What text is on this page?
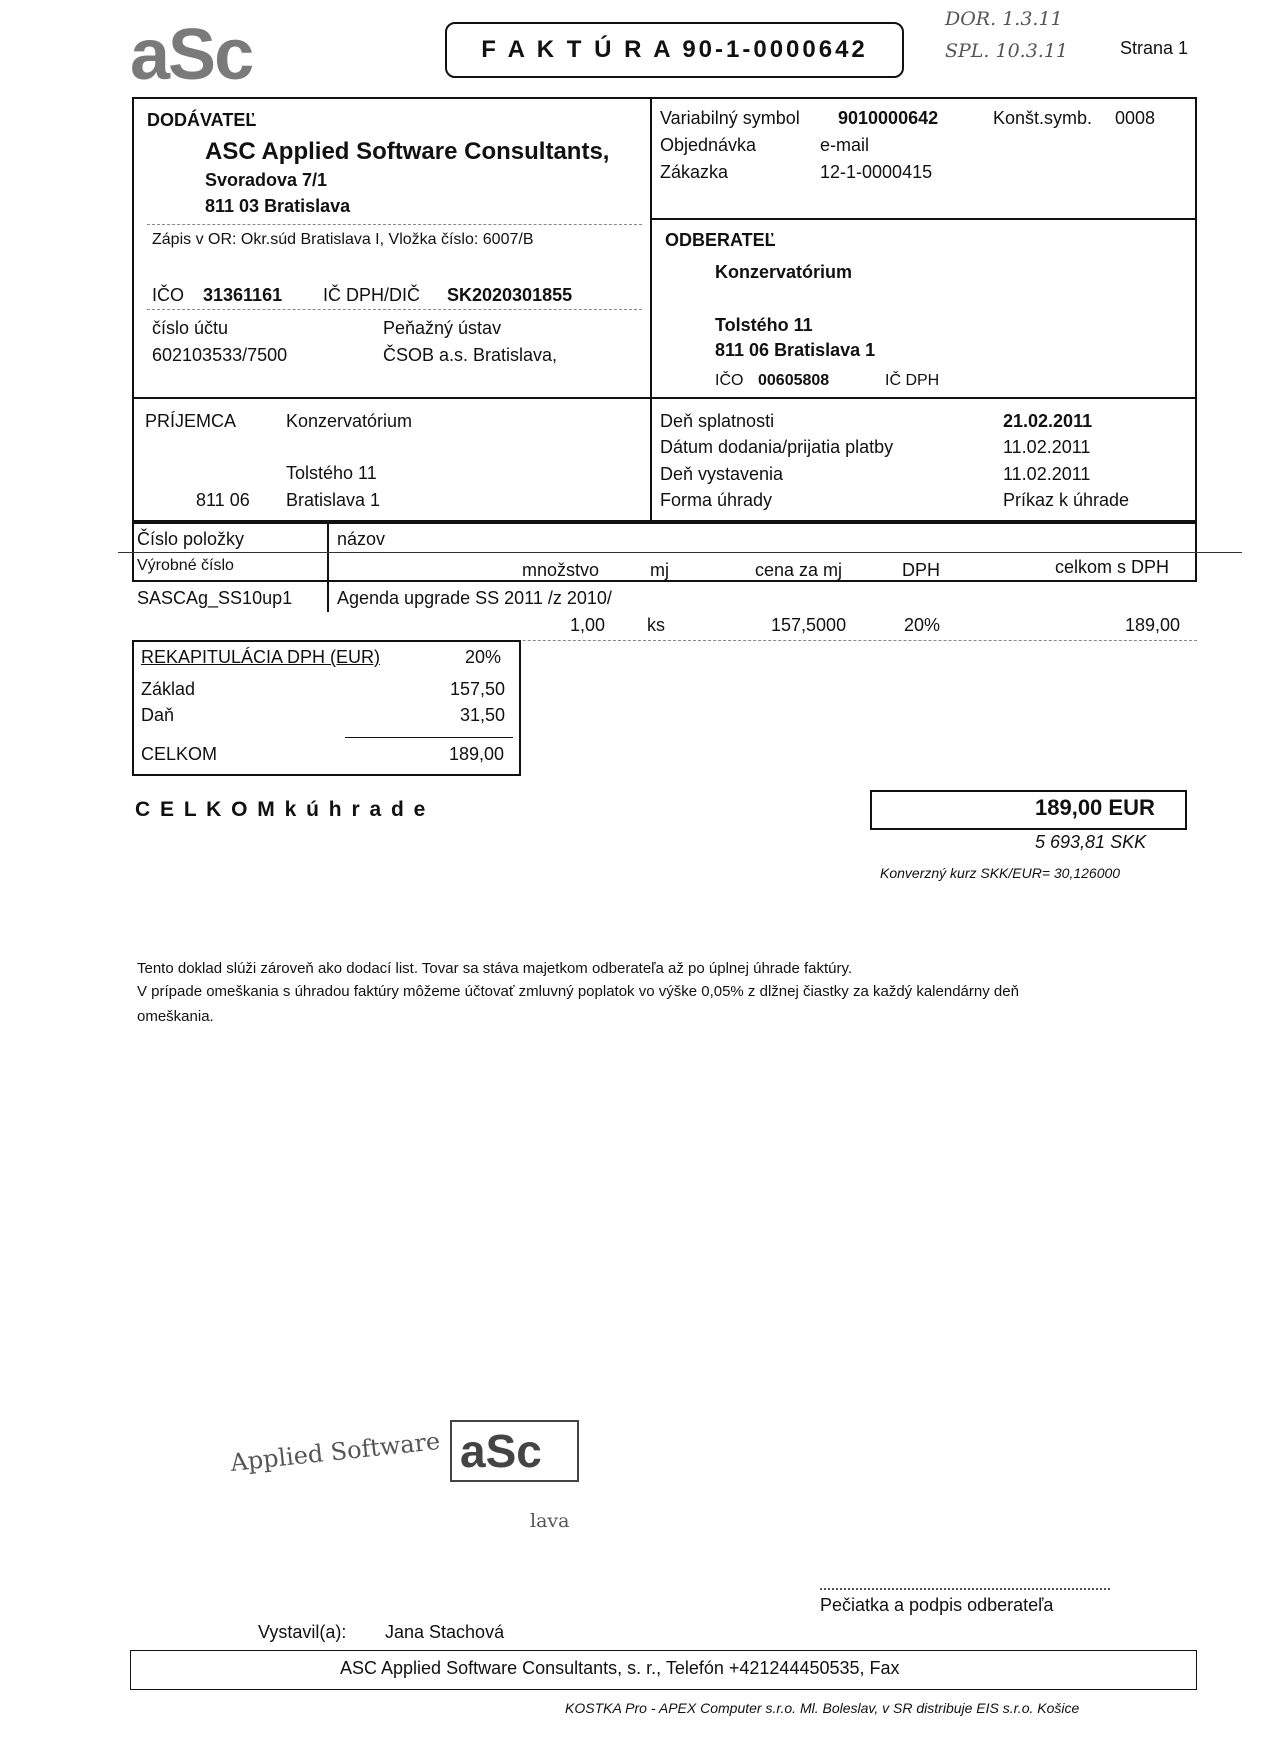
aSc	F A K T Ú R A 90-1-0000642
DOR. 1.3.11
SPL. 10.3.11	Strana 1
DODÁVATEĽ
ASC Applied Software Consultants,
Svoradova 7/1
811 03 Bratislava
Zápis v OR: Okr.súd Bratislava I, Vložka číslo: 6007/B
IČO 31361161 IČ DPH/DIČ SK2020301855
číslo účtu	Peňažný ústav
602103533/7500	ČSOB a.s. Bratislava,
Variabilný symbol 9010000642	Konšt.symb. 0008
Objednávka	e-mail
Zákazka	12-1-0000415
ODBERATEĽ
Konzervatórium
Tolstého 11
811 06 Bratislava 1
IČO 00605808	IČ DPH
PRÍJEMCA	Konzervatórium
Tolstého 11
811 06 Bratislava 1
Deň splatnosti	21.02.2011
Dátum dodania/prijatia platby	11.02.2011
Deň vystavenia	11.02.2011
Forma úhrady	Príkaz k úhrade
Číslo položky	názov
Výrobné číslo	množstvo	mj	cena za mj	DPH	celkom s DPH
SASCAg_SS10up1 Agenda upgrade SS 2011 /z 2010/
1,00 ks	157,5000	20%	189,00
REKAPITULÁCIA DPH (EUR)	20%
Základ	157,50
Daň	31,50
CELKOM	189,00
C E L K O M k ú h r a d e	189,00 EUR
5 693,81 SKK
Konverzný kurz SKK/EUR= 30,126000
Tento doklad slúži zároveň ako dodací list. Tovar sa stáva majetkom odberateľa až po úplnej úhrade faktúry.
V prípade omeškania s úhradou faktúry môžeme účtovať zmluvný poplatok vo výške 0,05% z dlžnej čiastky za každý kalendárny deň
omeškania.
Applied Software aSc
lava
Pečiatka a podpis odberateľa
Vystavil(a): Jana Stachová
ASC Applied Software Consultants, s. r., Telefón +421244450535, Fax
KOSTKA Pro - APEX Computer s.r.o. Ml. Boleslav, v SR distribuje EIS s.r.o. Košice
